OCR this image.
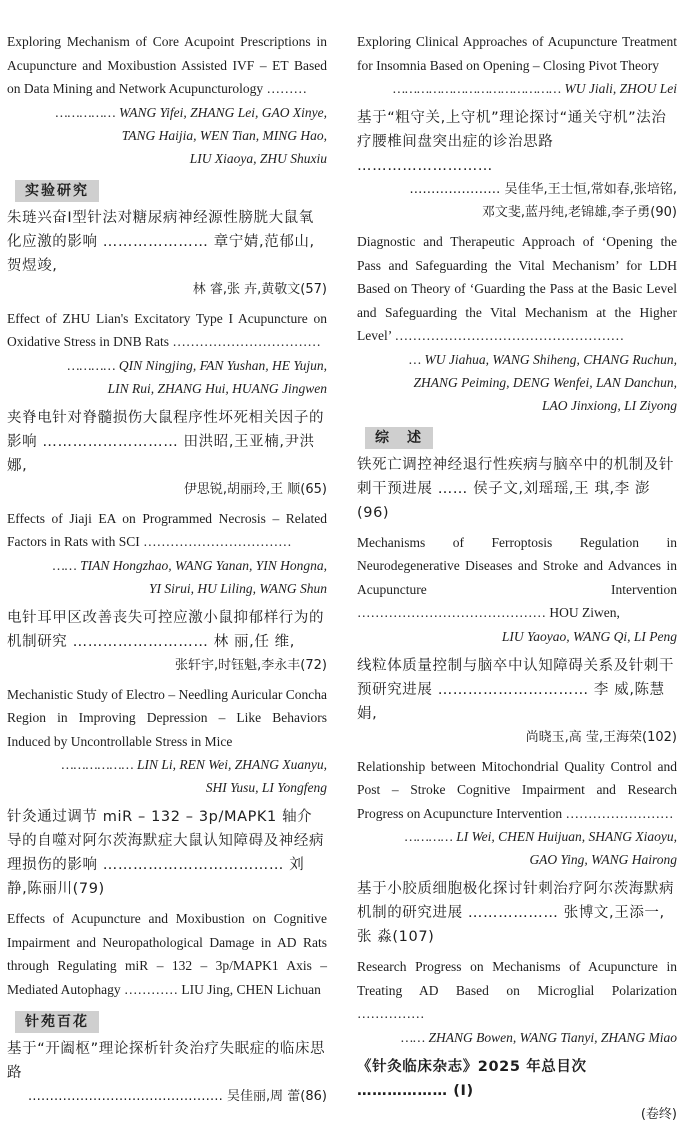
Exploring Mechanism of Core Acupoint Prescriptions in Acupuncture and Moxibustion Assisted IVF – ET Based on Data Mining and Network Acupuncturology ………
…………… WANG Yifei, ZHANG Lei, GAO Xinye,
TANG Haijia, WEN Tian, MING Hao,
LIU Xiaoya, ZHU Shuxiu
实验研究
朱琏兴奋Ⅰ型针法对糖尿病神经源性膀胱大鼠氧化应激的影响 ………………… 章宁婧,范郁山,贺煜竣,
林 睿,张 卉,黄敬文(57)
Effect of ZHU Lian's Excitatory Type I Acupuncture on Oxidative Stress in DNB Rats ……………………………
………… QIN Ningjing, FAN Yushan, HE Yujun,
LIN Rui, ZHANG Hui, HUANG Jingwen
夹脊电针对脊髓损伤大鼠程序性坏死相关因子的影响 ……………………… 田洪昭,王亚楠,尹洪娜,
伊思锐,胡丽玲,王 顺(65)
Effects of Jiaji EA on Programmed Necrosis – Related Factors in Rats with SCI ……………………………
…… TIAN Hongzhao, WANG Yanan, YIN Hongna,
YI Sirui, HU Liling, WANG Shun
电针耳甲区改善丧失可控应激小鼠抑郁样行为的机制研究 ……………………… 林 丽,任 维,
张轩宇,时钰魁,李永丰(72)
Mechanistic Study of Electro – Needling Auricular Concha Region in Improving Depression – Like Behaviors Induced by Uncontrollable Stress in Mice
……………… LIN Li, REN Wei, ZHANG Xuanyu,
SHI Yusu, LI Yongfeng
针灸通过调节 miR – 132 – 3p/MAPK1 轴介导的自噬对阿尔茨海默症大鼠认知障碍及神经病理损伤的影响 ……………………………… 刘 静,陈丽川(79)
Effects of Acupuncture and Moxibustion on Cognitive Impairment and Neuropathological Damage in AD Rats through Regulating miR – 132 – 3p/MAPK1 Axis – Mediated Autophagy ………… LIU Jing, CHEN Lichuan
针苑百花
基于“开阖枢”理论探析针灸治疗失眠症的临床思路
……………………………………… 吴佳丽,周 蕾(86)
Exploring Clinical Approaches of Acupuncture Treatment for Insomnia Based on Opening – Closing Pivot Theory
…………………………………… WU Jiali, ZHOU Lei
基于“粗守关,上守机”理论探讨“通关守机”法治疗腰椎间盘突出症的诊治思路 ………………………
………………… 吴佳华,王士恒,常如春,张培铭,
邓文斐,蓝丹纯,老锦雄,李子勇(90)
Diagnostic and Therapeutic Approach of ‘Opening the Pass and Safeguarding the Vital Mechanism’ for LDH Based on Theory of ‘Guarding the Pass at the Basic Level and Safeguarding the Vital Mechanism at the Higher Level’ ……………………………………………
… WU Jiahua, WANG Shiheng, CHANG Ruchun,
ZHANG Peiming, DENG Wenfei, LAN Danchun,
LAO Jinxiong, LI Ziyong
综　述
铁死亡调控神经退行性疾病与脑卒中的机制及针刺干预进展 …… 侯子文,刘瑶瑶,王 琪,李 澎(96)
Mechanisms of Ferroptosis Regulation in Neurodegenerative Diseases and Stroke and Advances in Acupuncture Intervention …………………………………… HOU Ziwen,
LIU Yaoyao, WANG Qi, LI Peng
线粒体质量控制与脑卒中认知障碍关系及针刺干预研究进展 ………………………… 李 威,陈慧娟,
尚晓玉,高 莹,王海荣(102)
Relationship between Mitochondrial Quality Control and Post – Stroke Cognitive Impairment and Research Progress on Acupuncture Intervention ……………………
………… LI Wei, CHEN Huijuan, SHANG Xiaoyu,
GAO Ying, WANG Hairong
基于小胶质细胞极化探讨针刺治疗阿尔茨海默病机制的研究进展 ……………… 张博文,王添一,张 淼(107)
Research Progress on Mechanisms of Acupuncture in Treating AD Based on Microglial Polarization ……………
…… ZHANG Bowen, WANG Tianyi, ZHANG Miao
《针灸临床杂志》2025 年总目次 ……………… (Ⅰ)
(卷终)
